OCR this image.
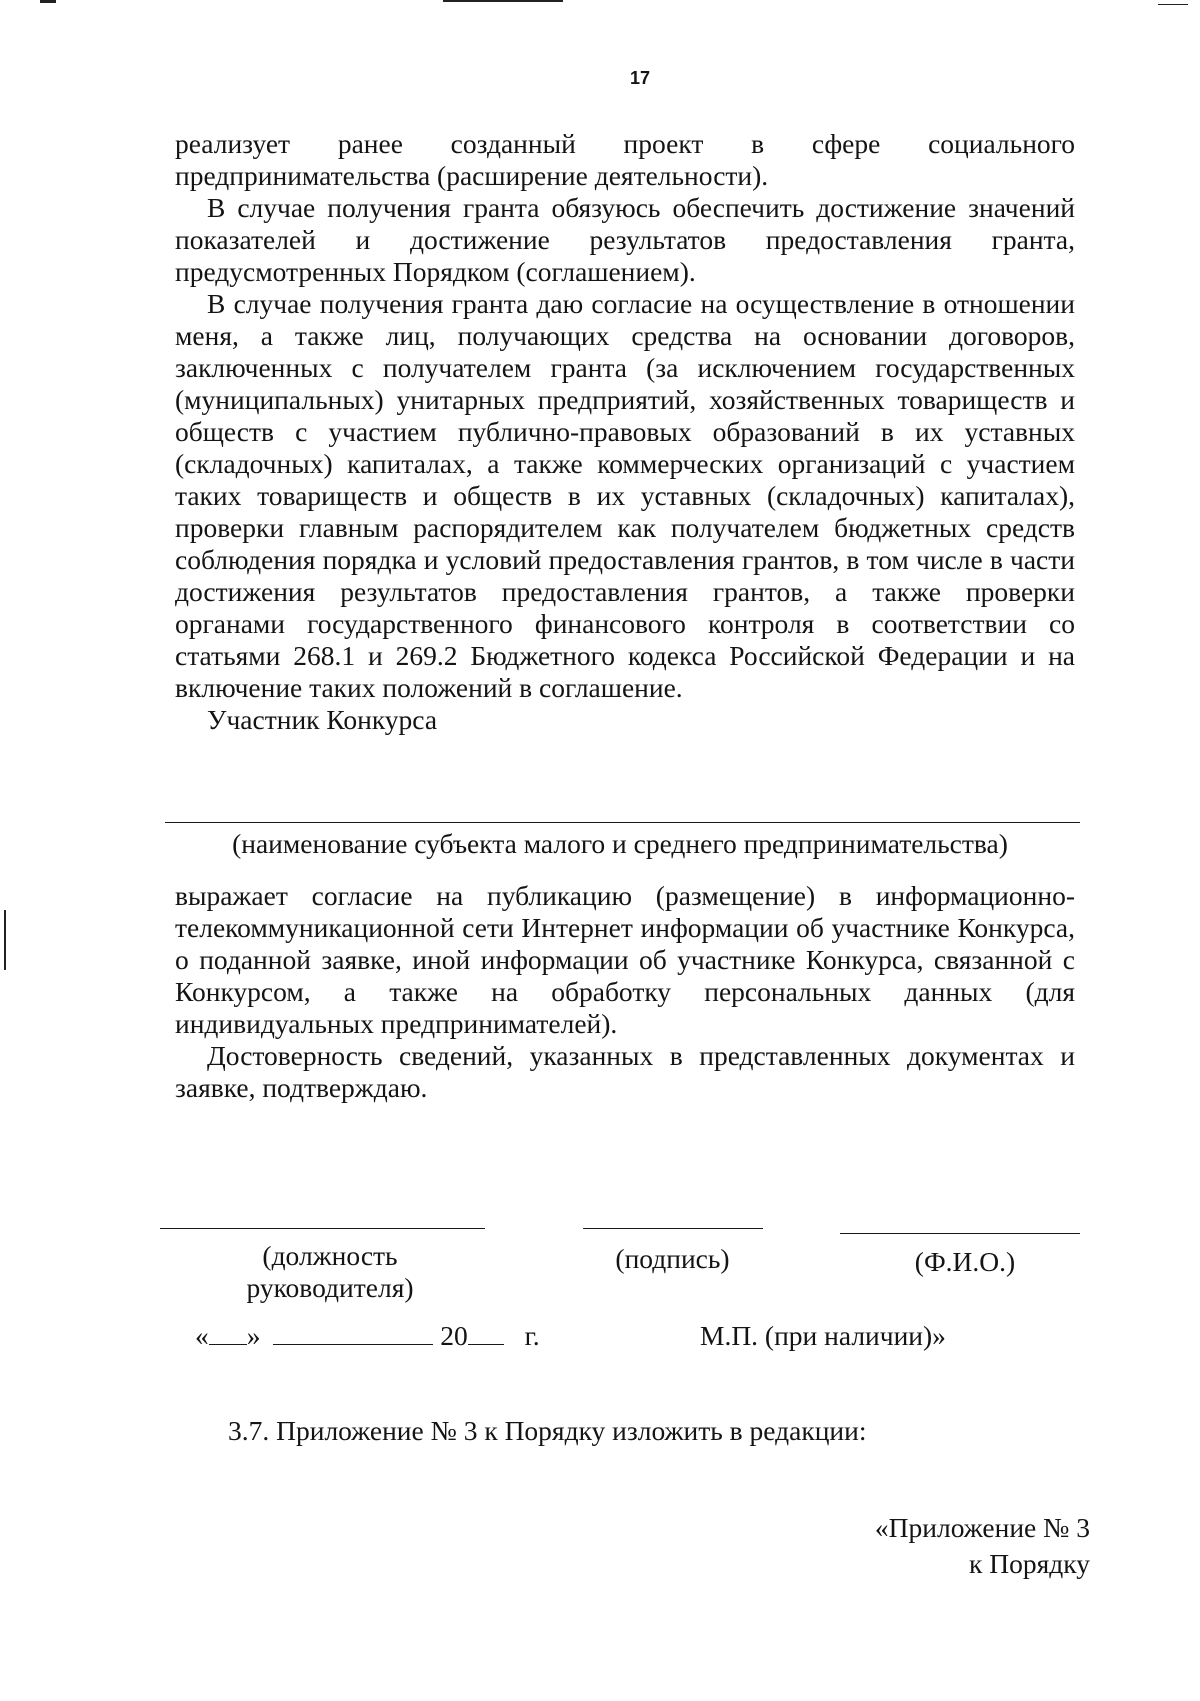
17

реализует ранее созданный проект в сфере социального предпринимательства (расширение деятельности).

В случае получения гранта обязуюсь обеспечить достижение значений показателей и достижение результатов предоставления гранта, предусмотренных Порядком (соглашением).

В случае получения гранта даю согласие на осуществление в отношении меня, а также лиц, получающих средства на основании договоров, заключенных с получателем гранта (за исключением государственных (муниципальных) унитарных предприятий, хозяйственных товариществ и обществ с участием публично-правовых образований в их уставных (складочных) капиталах, а также коммерческих организаций с участием таких товариществ и обществ в их уставных (складочных) капиталах), проверки главным распорядителем как получателем бюджетных средств соблюдения порядка и условий предоставления грантов, в том числе в части достижения результатов предоставления грантов, а также проверки органами государственного финансового контроля в соответствии со статьями 268.1 и 269.2 Бюджетного кодекса Российской Федерации и на включение таких положений в соглашение.

Участник Конкурса

(наименование субъекта малого и среднего предпринимательства)

выражает согласие на публикацию (размещение) в информационно-телекоммуникационной сети Интернет информации об участнике Конкурса, о поданной заявке, иной информации об участнике Конкурса, связанной с Конкурсом, а также на обработку персональных данных (для индивидуальных предпринимателей).

Достоверность сведений, указанных в представленных документах и заявке, подтверждаю.

(должность
руководителя)
(подпись)	(Ф.И.О.)
« »	20 г.	М.П. (при наличии)»
3.7. Приложение № 3 к Порядку изложить в редакции:
«Приложение № 3
к Порядку
